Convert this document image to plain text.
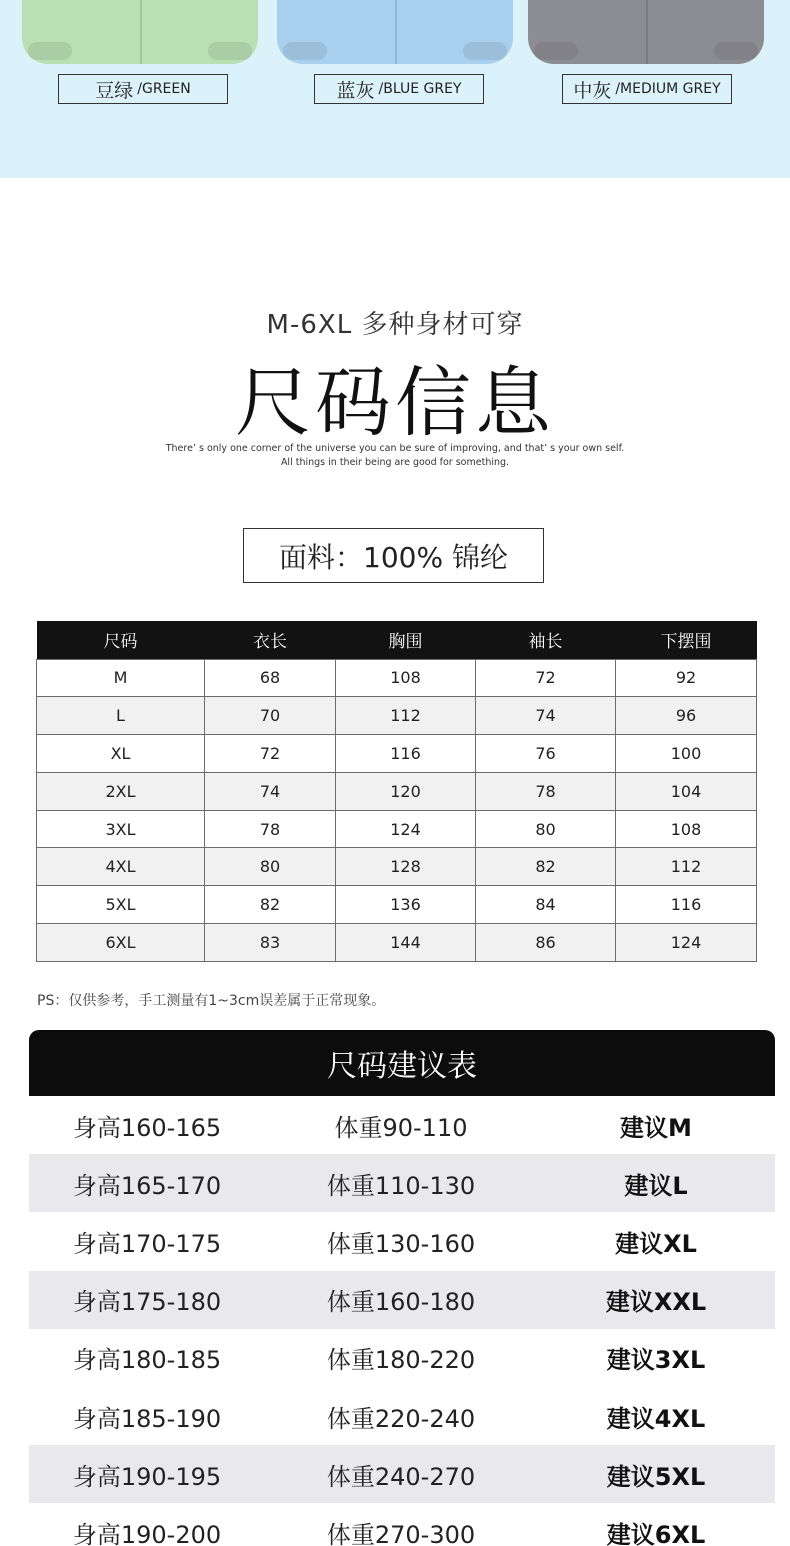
豆绿 /GREEN	蓝灰 /BLUE GREY	中灰 /MEDIUM GREY
M-6XL 多种身材可穿
尺码信息
There’ s only one corner of the universe you can be sure of improving, and that’ s your own self.
All things in their being are good for something.
面料：100% 锦纶
尺码	衣长	胸围	袖长	下摆围
M	68	108	72	92
L	70	112	74	96
XL	72	116	76	100
2XL	74	120	78	104
3XL	78	124	80	108
4XL	80	128	82	112
5XL	82	136	84	116
6XL	83	144	86	124
PS：仅供参考，手工测量有1~3cm误差属于正常现象。
尺码建议表
身高160-165	体重90-110	建议M
身高165-170	体重110-130	建议L
身高170-175	体重130-160	建议XL
身高175-180	体重160-180	建议XXL
身高180-185	体重180-220	建议3XL
身高185-190	体重220-240	建议4XL
身高190-195	体重240-270	建议5XL
身高190-200	体重270-300	建议6XL
